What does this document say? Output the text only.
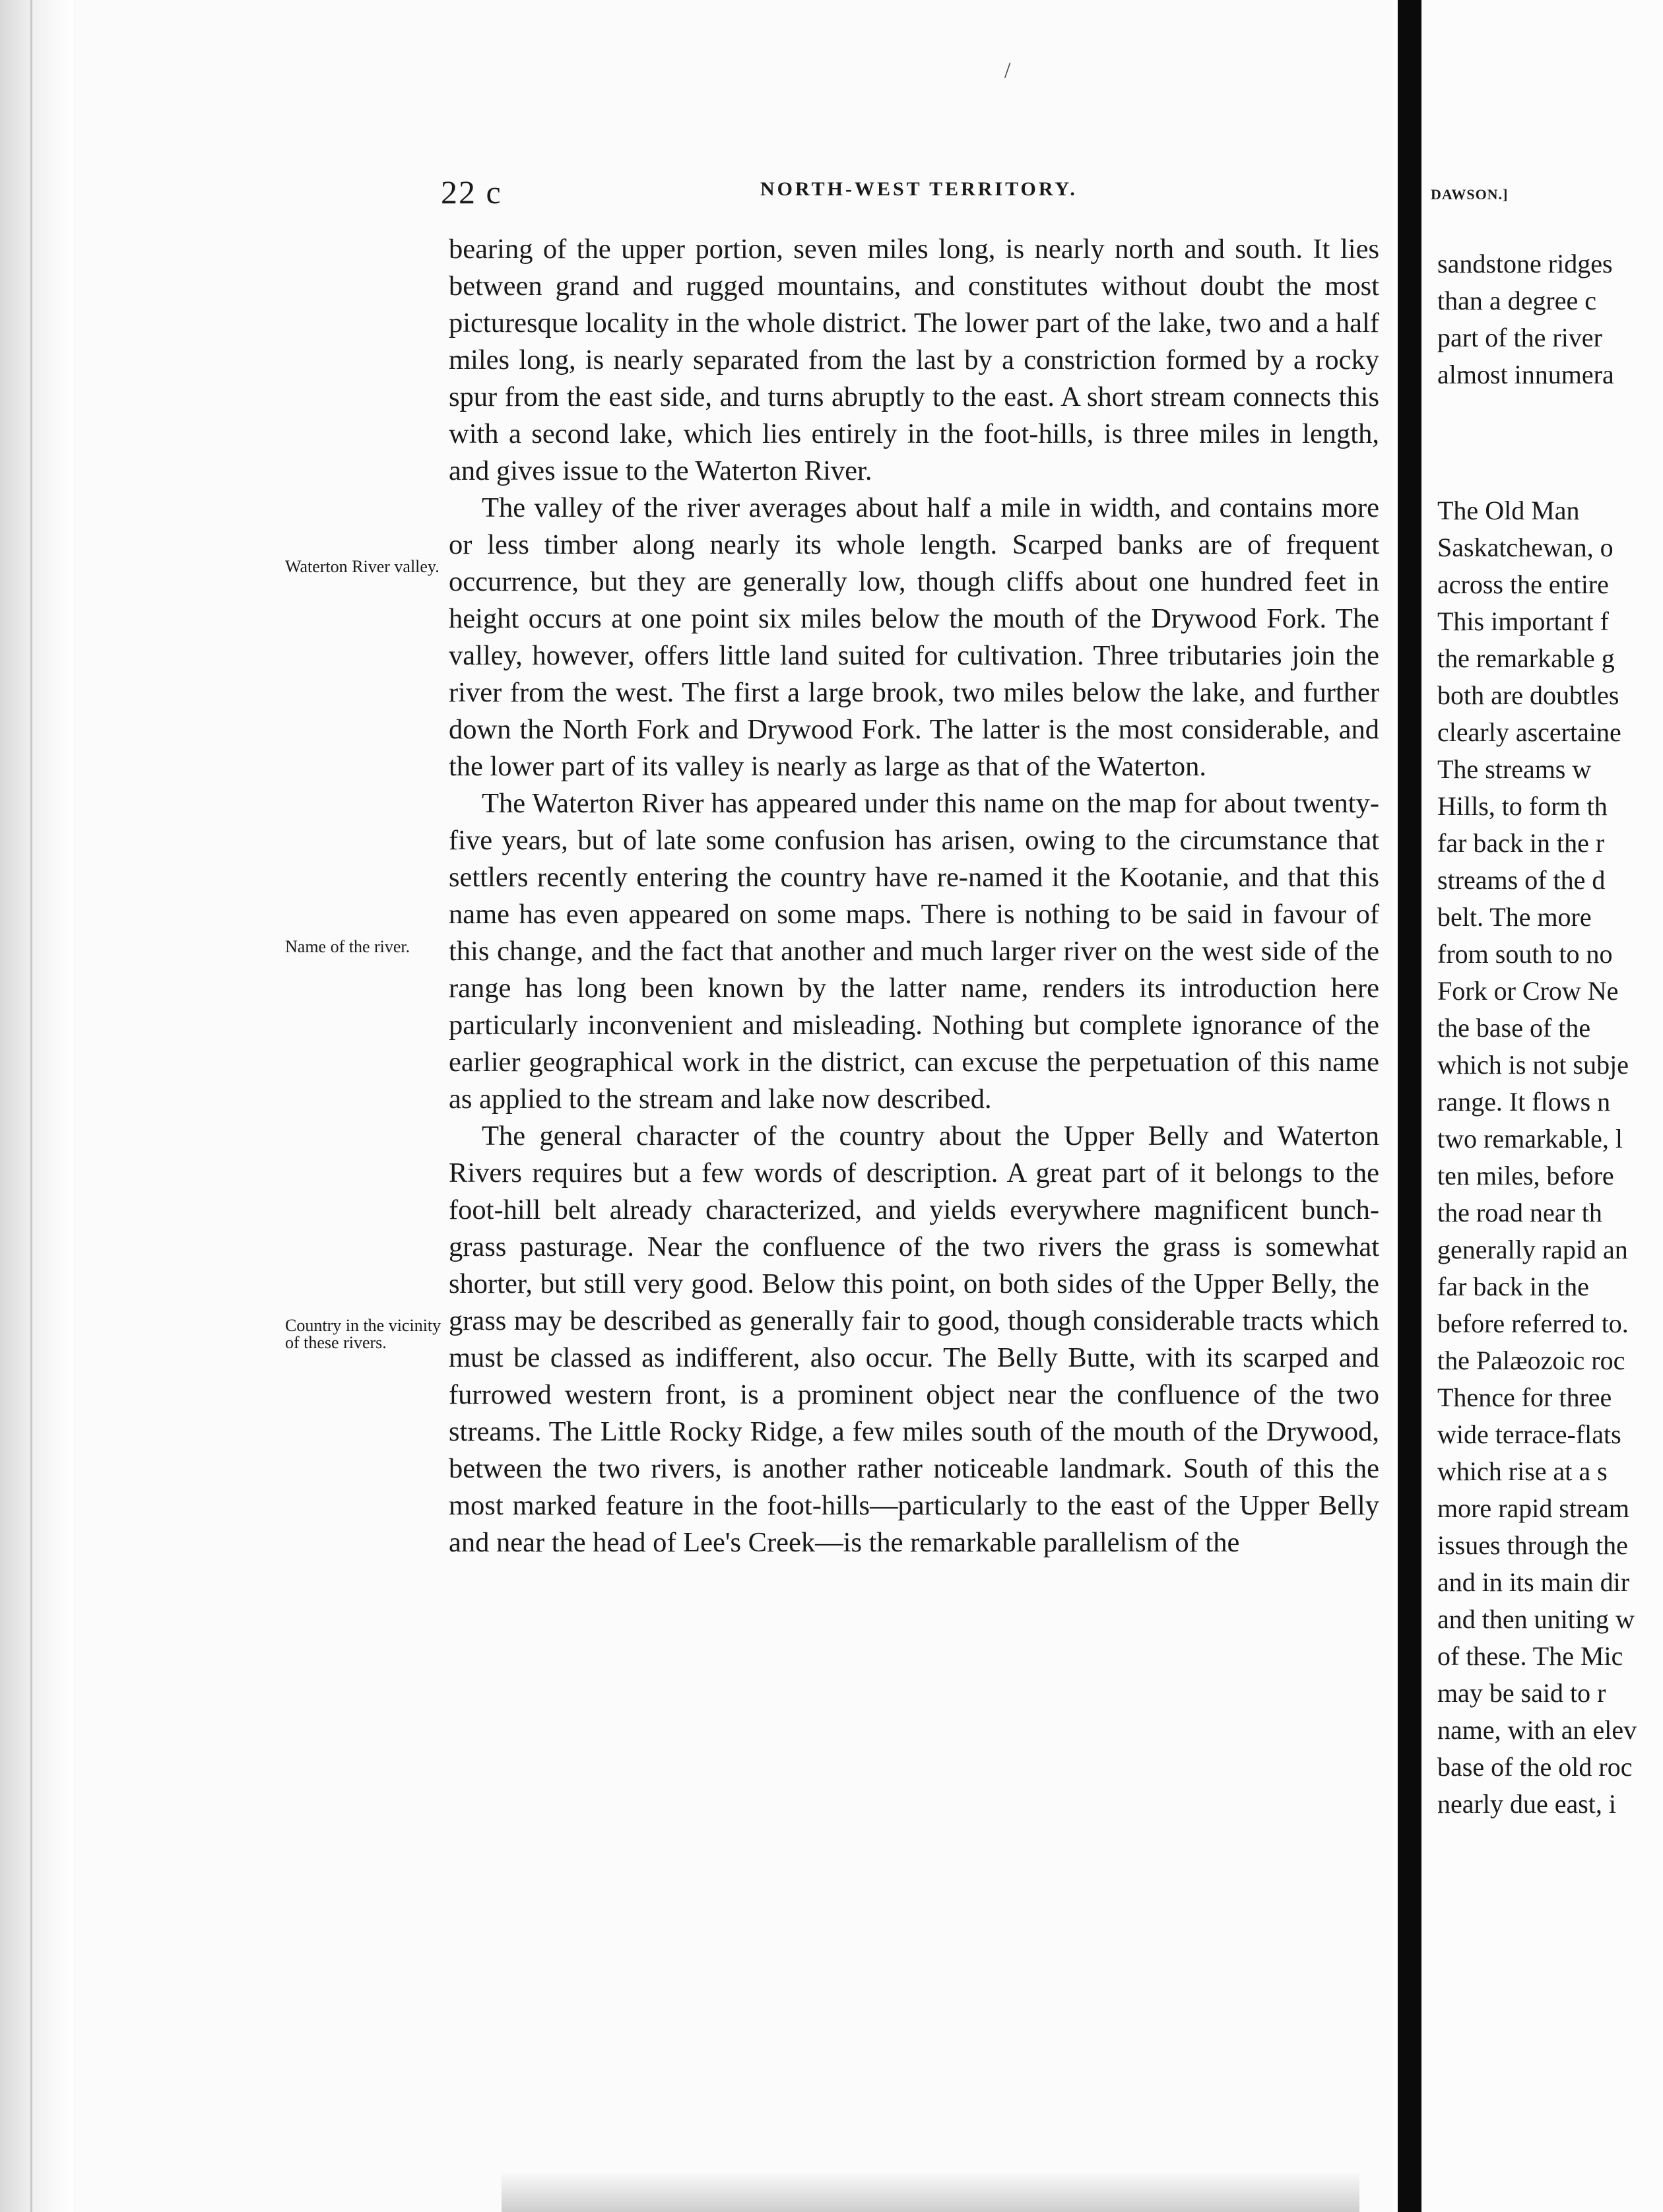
/
22 c	NORTH-WEST TERRITORY.
Waterton River valley.
Name of the river.
Country in the vicinity of these rivers.

bearing of the upper portion, seven miles long, is nearly north and south. It lies between grand and rugged mountains, and constitutes without doubt the most picturesque locality in the whole district. The lower part of the lake, two and a half miles long, is nearly separated from the last by a constriction formed by a rocky spur from the east side, and turns abruptly to the east. A short stream connects this with a second lake, which lies entirely in the foot-hills, is three miles in length, and gives issue to the Waterton River.

The valley of the river averages about half a mile in width, and contains more or less timber along nearly its whole length. Scarped banks are of frequent occurrence, but they are generally low, though cliffs about one hundred feet in height occurs at one point six miles below the mouth of the Drywood Fork. The valley, however, offers little land suited for cultivation. Three tributaries join the river from the west. The first a large brook, two miles below the lake, and further down the North Fork and Drywood Fork. The latter is the most considerable, and the lower part of its valley is nearly as large as that of the Waterton.

The Waterton River has appeared under this name on the map for about twenty-five years, but of late some confusion has arisen, owing to the circumstance that settlers recently entering the country have re-named it the Kootanie, and that this name has even appeared on some maps. There is nothing to be said in favour of this change, and the fact that another and much larger river on the west side of the range has long been known by the latter name, renders its introduction here particularly inconvenient and misleading. Nothing but complete ignorance of the earlier geographical work in the district, can excuse the perpetuation of this name as applied to the stream and lake now described.

The general character of the country about the Upper Belly and Waterton Rivers requires but a few words of description. A great part of it belongs to the foot-hill belt already characterized, and yields everywhere magnificent bunch-grass pasturage. Near the confluence of the two rivers the grass is somewhat shorter, but still very good. Below this point, on both sides of the Upper Belly, the grass may be described as generally fair to good, though considerable tracts which must be classed as indifferent, also occur. The Belly Butte, with its scarped and furrowed western front, is a prominent object near the confluence of the two streams. The Little Rocky Ridge, a few miles south of the mouth of the Drywood, between the two rivers, is another rather noticeable landmark. South of this the most marked feature in the foot-hills—particularly to the east of the Upper Belly and near the head of Lee's Creek—is the remarkable parallelism of the

DAWSON.]
sandstone ridges
than a degree c
part of the river
almost innumera
The Old Man
Saskatchewan, o
across the entire
This important f
the remarkable g
both are doubtles
clearly ascertaine
The streams w
Hills, to form th
far back in the r
streams of the d
belt. The more
from south to no
Fork or Crow Ne
the base of the
which is not subje
range. It flows n
two remarkable, l
ten miles, before
the road near th
generally rapid an
far back in the
before referred to.
the Palæozoic roc
Thence for three
wide terrace-flats
which rise at a s
more rapid stream
issues through the
and in its main dir
and then uniting w
of these. The Mic
may be said to r
name, with an elev
base of the old roc
nearly due east, i
